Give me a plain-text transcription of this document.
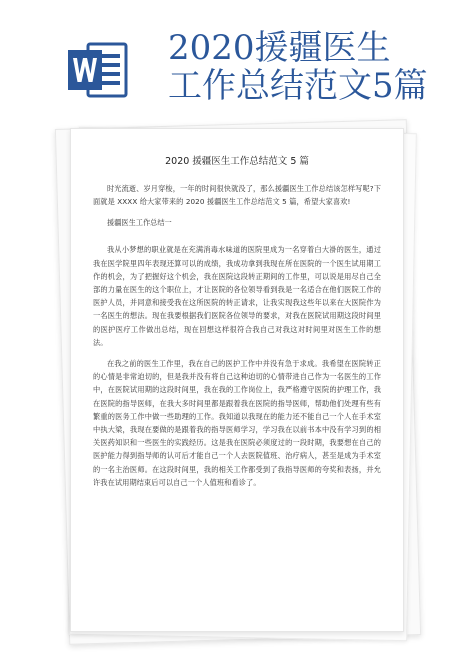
2020援疆医生
工作总结范文5篇
2020 援疆医生工作总结范文 5 篇

时光流逝、岁月穿梭，一年的时间很快就没了，那么援疆医生工作总结该怎样写呢?下面就是 XXXX 给大家带来的 2020 援疆医生工作总结范文 5 篇，希望大家喜欢!

援疆医生工作总结一

我从小梦想的职业就是在充满消毒水味道的医院里成为一名穿着白大褂的医生，通过我在医学院里四年表现还算可以的成绩，我成功拿到我现在所在医院的一个医生试用期工作的机会，为了把握好这个机会，我在医院这段转正期间的工作里，可以说是用尽自己全部的力量在医生的这个职位上，才让医院的各位领导看到我是一名适合在他们医院工作的医护人员，并同意和接受我在这所医院的转正请求，让我实现我这些年以来在大医院作为一名医生的想法。现在我要根据我们医院各位领导的要求，对我在医院试用期这段时间里的医护医疗工作做出总结，现在回想这样很符合我自己对我这对时间里对医生工作的想法。

在我之前的医生工作里，我在自己的医护工作中并没有急于求成。我希望在医院转正的心情是非常迫切的，但是我并没有将自己这种迫切的心情带进自己作为一名医生的工作中，在医院试用期的这段时间里，我在我的工作岗位上，我严格遵守医院的护理工作，我在医院的指导医师，在我大多时间里都是跟着我在医院的指导医师，帮助他们处理有些有繁重的医务工作中做一些助理的工作。我知道以我现在的能力还不能自己一个人在手术室中执大梁，我现在要做的是跟着我的指导医师学习，学习我在以前书本中没有学习到的相关医药知识和一些医生的实践经历。这是我在医院必须度过的一段时期，我要想在自己的医护能力得到指导师的认可后才能自己一个人去医院值班、治疗病人，甚至是成为手术室的一名主治医师。在这段时间里，我的相关工作都受到了我指导医师的夸奖和表扬，并允许我在试用期结束后可以自己一个人值班和看诊了。
